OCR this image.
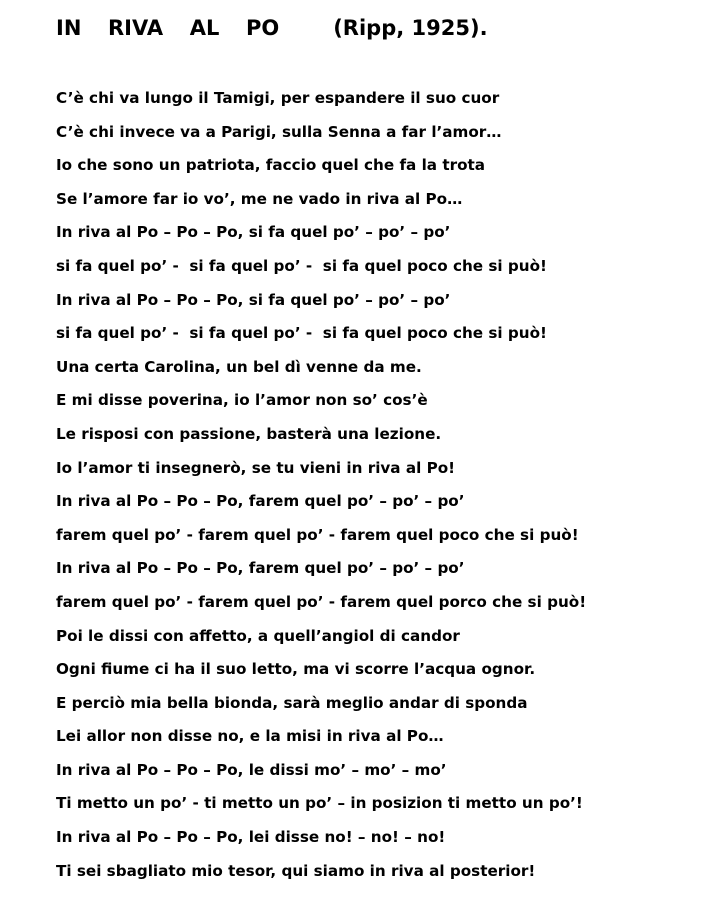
IN  RIVA  AL  PO	(Ripp, 1925).
C’è chi va lungo il Tamigi, per espandere il suo cuor
C’è chi invece va a Parigi, sulla Senna a far l’amor…
Io che sono un patriota, faccio quel che fa la trota
Se l’amore far io vo’, me ne vado in riva al Po…
In riva al Po – Po – Po, si fa quel po’ – po’ – po’
si fa quel po’ -  si fa quel po’ -  si fa quel poco che si può!
In riva al Po – Po – Po, si fa quel po’ – po’ – po’
si fa quel po’ -  si fa quel po’ -  si fa quel poco che si può!
Una certa Carolina, un bel dì venne da me.
E mi disse poverina, io l’amor non so’ cos’è
Le risposi con passione, basterà una lezione.
Io l’amor ti insegnerò, se tu vieni in riva al Po!
In riva al Po – Po – Po, farem quel po’ – po’ – po’
farem quel po’ - farem quel po’ - farem quel poco che si può!
In riva al Po – Po – Po, farem quel po’ – po’ – po’
farem quel po’ - farem quel po’ - farem quel porco che si può!
Poi le dissi con affetto, a quell’angiol di candor
Ogni fiume ci ha il suo letto, ma vi scorre l’acqua ognor.
E perciò mia bella bionda, sarà meglio andar di sponda
Lei allor non disse no, e la misi in riva al Po…
In riva al Po – Po – Po, le dissi mo’ – mo’ – mo’
Ti metto un po’ - ti metto un po’ – in posizion ti metto un po’!
In riva al Po – Po – Po, lei disse no! – no! – no!
Ti sei sbagliato mio tesor, qui siamo in riva al posterior!
